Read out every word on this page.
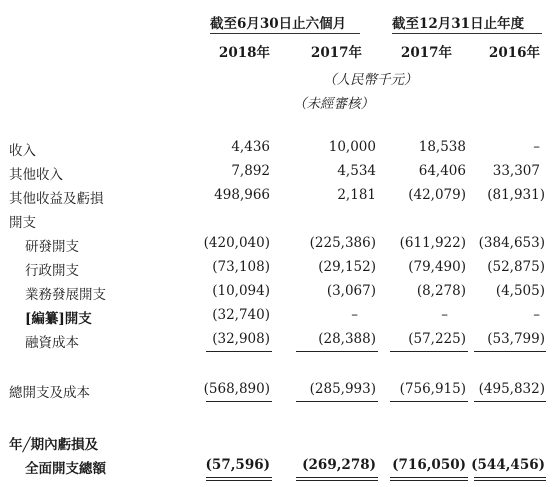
截至6月30日止六個月	截至12月31日止年度
2018年	2017年	2017年	2016年
（人民幣千元）
（未經審核）
收入	4,436	10,000	18,538	–
其他收入	7,892	4,534	64,406 33,307
其他收益及虧損	498,966	2,181 (42,079) (81,931)
開支
研發開支	(420,040)	(225,386) (611,922) (384,653)
行政開支	(73,108)	(29,152) (79,490) (52,875)
業務發展開支	(10,094)	(3,067)	(8,278) (4,505)
[編纂]開支	(32,740)	–	–	–
融資成本	(32,908)	(28,388) (57,225) (53,799)
總開支及成本	(568,890)	(285,993) (756,915) (495,832)
年╱期內虧損及
全面開支總額	(57,596) (269,278) (716,050) (544,456)
